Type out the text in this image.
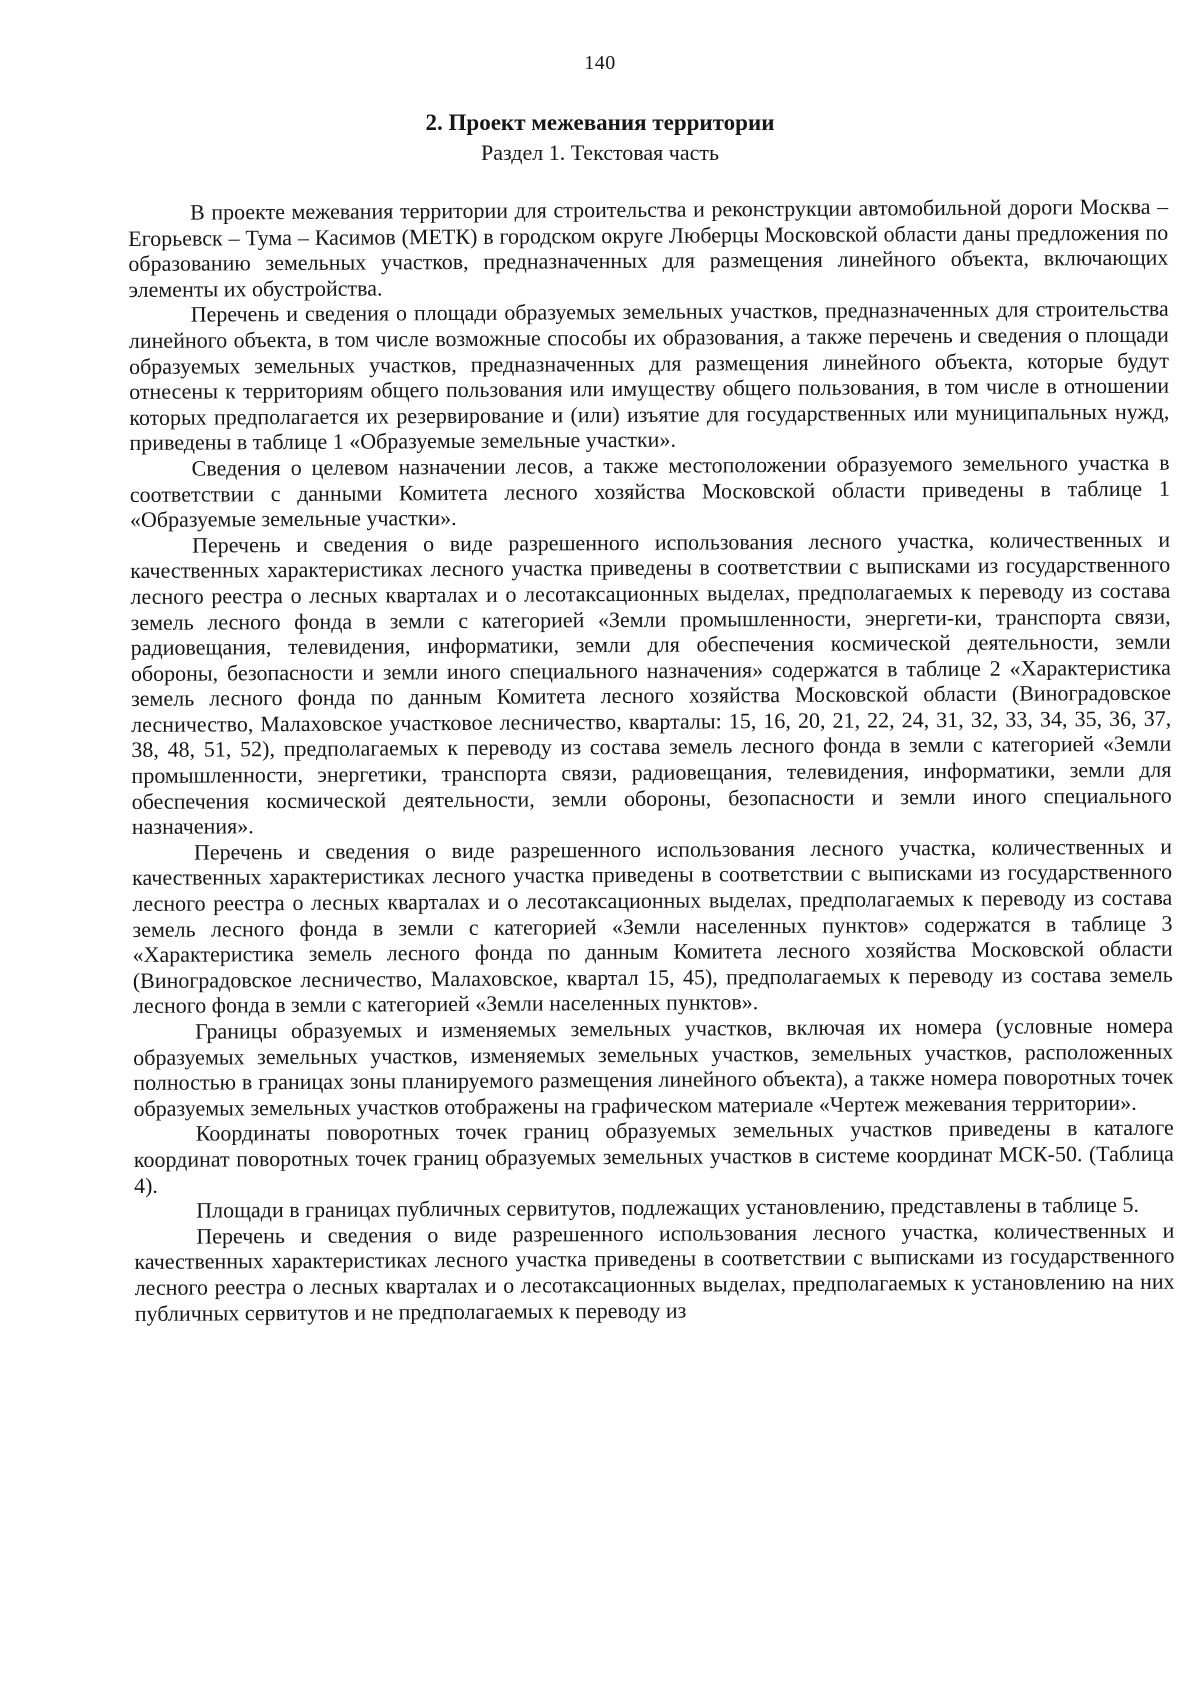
140
2. Проект межевания территории
Раздел 1. Текстовая часть

В проекте межевания территории для строительства и реконструкции автомобильной дороги Москва – Егорьевск – Тума – Касимов (МЕТК) в городском округе Люберцы Московской области даны предложения по образованию земельных участков, предназначенных для размещения линейного объекта, включающих элементы их обустройства.

Перечень и сведения о площади образуемых земельных участков, предназначенных для строительства линейного объекта, в том числе возможные способы их образования, а также перечень и сведения о площади образуемых земельных участков, предназначенных для размещения линейного объекта, которые будут отнесены к территориям общего пользования или имуществу общего пользования, в том числе в отношении которых предполагается их резервирование и (или) изъятие для государственных или муниципальных нужд, приведены в таблице 1 «Образуемые земельные участки».

Сведения о целевом назначении лесов, а также местоположении образуемого земельного участка в соответствии с данными Комитета лесного хозяйства Московской области приведены в таблице 1 «Образуемые земельные участки».

Перечень и сведения о виде разрешенного использования лесного участка, количественных и качественных характеристиках лесного участка приведены в соответствии с выписками из государственного лесного реестра о лесных кварталах и о лесотаксационных выделах, предполагаемых к переводу из состава земель лесного фонда в земли с категорией «Земли промышленности, энергети-ки, транспорта связи, радиовещания, телевидения, информатики, земли для обеспечения космической деятельности, земли обороны, безопасности и земли иного специального назначения» содержатся в таблице 2 «Характеристика земель лесного фонда по данным Комитета лесного хозяйства Московской области (Виноградовское лесничество, Малаховское участковое лесничество, кварталы: 15, 16, 20, 21, 22, 24, 31, 32, 33, 34, 35, 36, 37, 38, 48, 51, 52), предполагаемых к переводу из состава земель лесного фонда в земли с категорией «Земли промышленности, энергетики, транспорта связи, радиовещания, телевидения, информатики, земли для обеспечения космической деятельности, земли обороны, безопасности и земли иного специального назначения».

Перечень и сведения о виде разрешенного использования лесного участка, количественных и качественных характеристиках лесного участка приведены в соответствии с выписками из государственного лесного реестра о лесных кварталах и о лесотаксационных выделах, предполагаемых к переводу из состава земель лесного фонда в земли с категорией «Земли населенных пунктов» содержатся в таблице 3 «Характеристика земель лесного фонда по данным Комитета лесного хозяйства Московской области (Виноградовское лесничество, Малаховское, квартал 15, 45), предполагаемых к переводу из состава земель лесного фонда в земли с категорией «Земли населенных пунктов».

Границы образуемых и изменяемых земельных участков, включая их номера (условные номера образуемых земельных участков, изменяемых земельных участков, земельных участков, расположенных полностью в границах зоны планируемого размещения линейного объекта), а также номера поворотных точек образуемых земельных участков отображены на графическом материале «Чертеж межевания территории».

Координаты поворотных точек границ образуемых земельных участков приведены в каталоге координат поворотных точек границ образуемых земельных участков в системе координат МСК-50. (Таблица 4).

Площади в границах публичных сервитутов, подлежащих установлению, представлены в таблице 5.

Перечень и сведения о виде разрешенного использования лесного участка, количественных и качественных характеристиках лесного участка приведены в соответствии с выписками из государственного лесного реестра о лесных кварталах и о лесотаксационных выделах, предполагаемых к установлению на них публичных сервитутов и не предполагаемых к переводу из
